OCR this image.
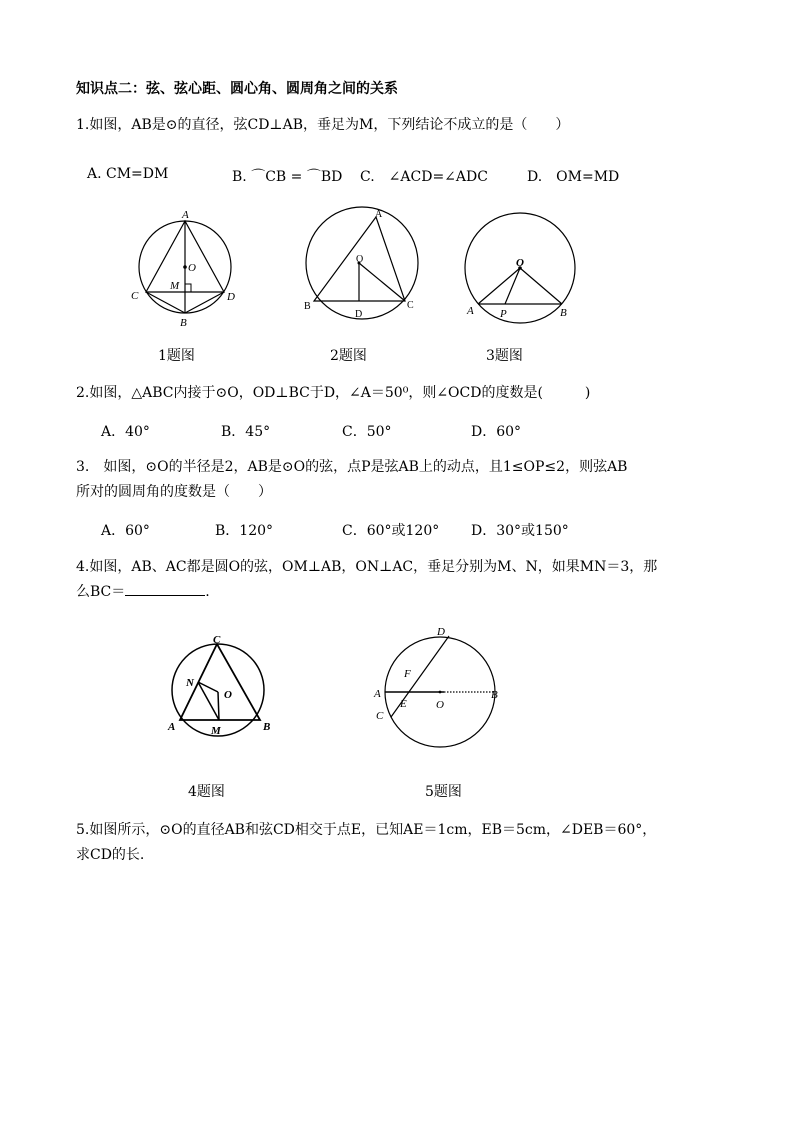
知识点二：弦、弦心距、圆心角、圆周角之间的关系
1.如图，AB是⊙的直径，弦CD⊥AB，垂足为M，下列结论不成立的是（　　）
A. CM=DM	B. ⌒CB = ⌒BD C.　∠ACD=∠ADC	D.　OM=MD
A
O
M
C	D
B
1题图
A
O
B	C
D
2题图
O
A P	B
3题图
2.如图，△ABC内接于⊙O，OD⊥BC于D，∠A＝50⁰，则∠OCD的度数是(　　　)
A．40°	B．45°	C．50°	D．60°
3.　如图，⊙O的半径是2，AB是⊙O的弦，点P是弦AB上的动点，且1≤OP≤2，则弦AB
所对的圆周角的度数是（　　）
A．60°	B．120°	C．60°或120° D．30°或150°
4.如图，AB、AC都是圆O的弦，OM⊥AB，ON⊥AC，垂足分别为M、N，如果MN＝3，那
么BC＝	.
C
N
O
A	M	B
4题图
D
F
A
E	O
B
C
5题图
5.如图所示，⊙O的直径AB和弦CD相交于点E，已知AE＝1cm，EB＝5cm，∠DEB＝60°，
求CD的长.
